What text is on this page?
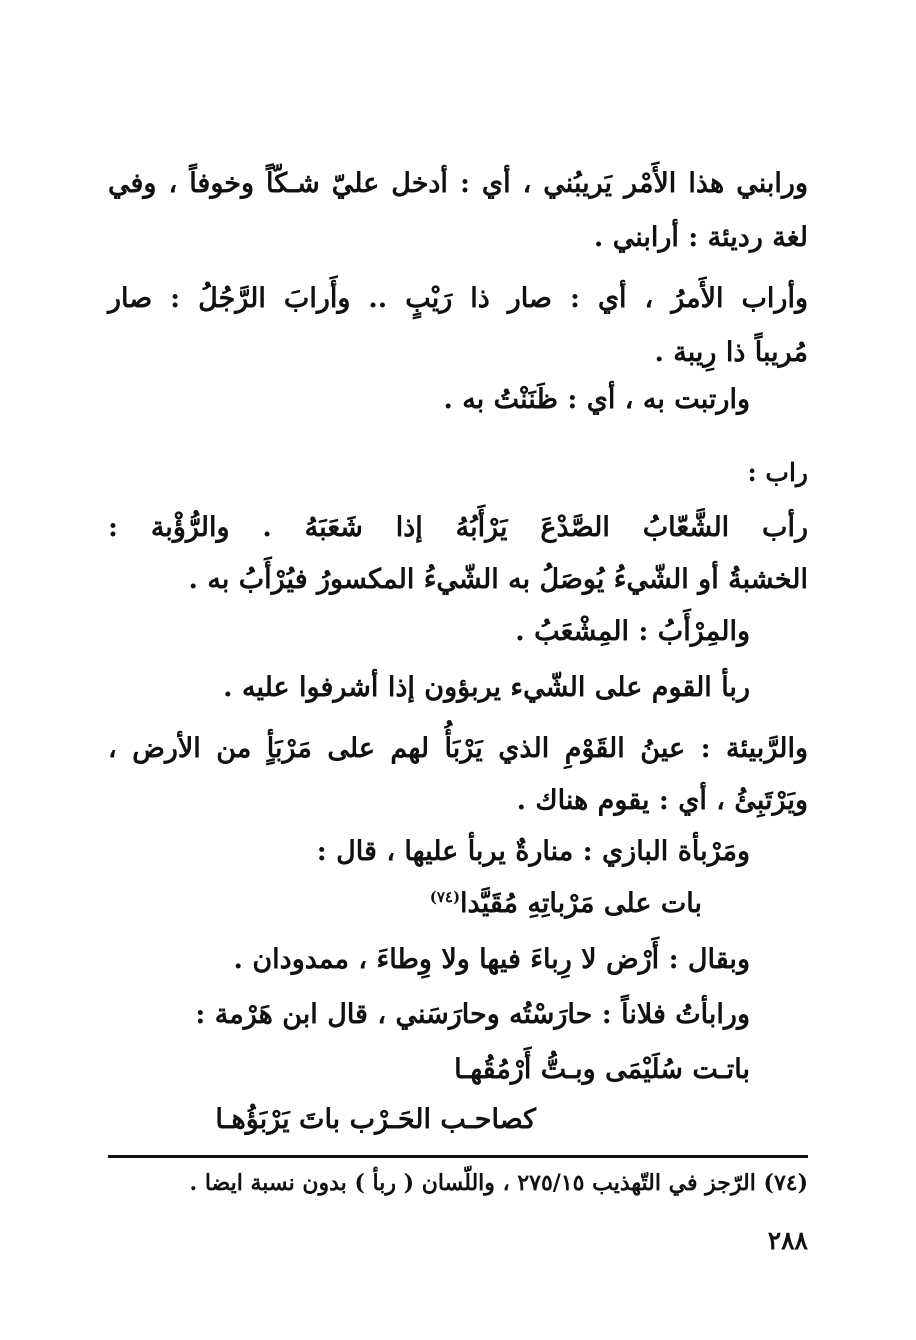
ورابني هذا الأَمْر يَريبُني ، أي : أدخل عليّ شـكّاً وخوفاً ، وفي
لغة رديئة : أرابني .
وأراب الأَمرُ ، أي : صار ذا رَيْبٍ .. وأَرابَ الرَّجُلُ : صار
مُريباً ذا رِيبة .
وارتبت به ، أي : ظَنَنْتُ به .
راب :
رأب الشَّعّابُ الصَّدْعَ يَرْأَبُهُ إذا شَعَبَهُ . والرُّؤْبة :
الخشبةُ أو الشّيءُ يُوصَلُ به الشّيءُ المكسورُ فيُرْأَبُ به .
والمِرْأَبُ : المِشْعَبُ .
ربأ القوم على الشّيء يربؤون إذا أشرفوا عليه .
والرَّبيئة : عينُ القَوْمِ الذي يَرْبَأُ لهم على مَرْبَأٍ من الأرض ،
ويَرْتَبِئُ ، أي : يقوم هناك .
ومَرْبأة البازي : منارةٌ يربأ عليها ، قال :
بات على مَرْباتِهِ مُقَيَّدا$^{(٧٤)}$
وبقال : أَرْض لا رِباءَ فيها ولا وِطاءَ ، ممدودان .
ورابأتُ فلاناً : حارَسْتُه وحارَسَني ، قال ابن هَرْمة :
باتـت سُلَيْمَى وبـتُّ أَرْمُقُهـا
كصاحـب الحَـرْب باتَ يَرْبَؤُهـا
(٧٤) الرّجز في التّهذيب ٢٧٥/١٥ ، واللّسان ( ربأ ) بدون نسبة ايضا .
٢٨٨
